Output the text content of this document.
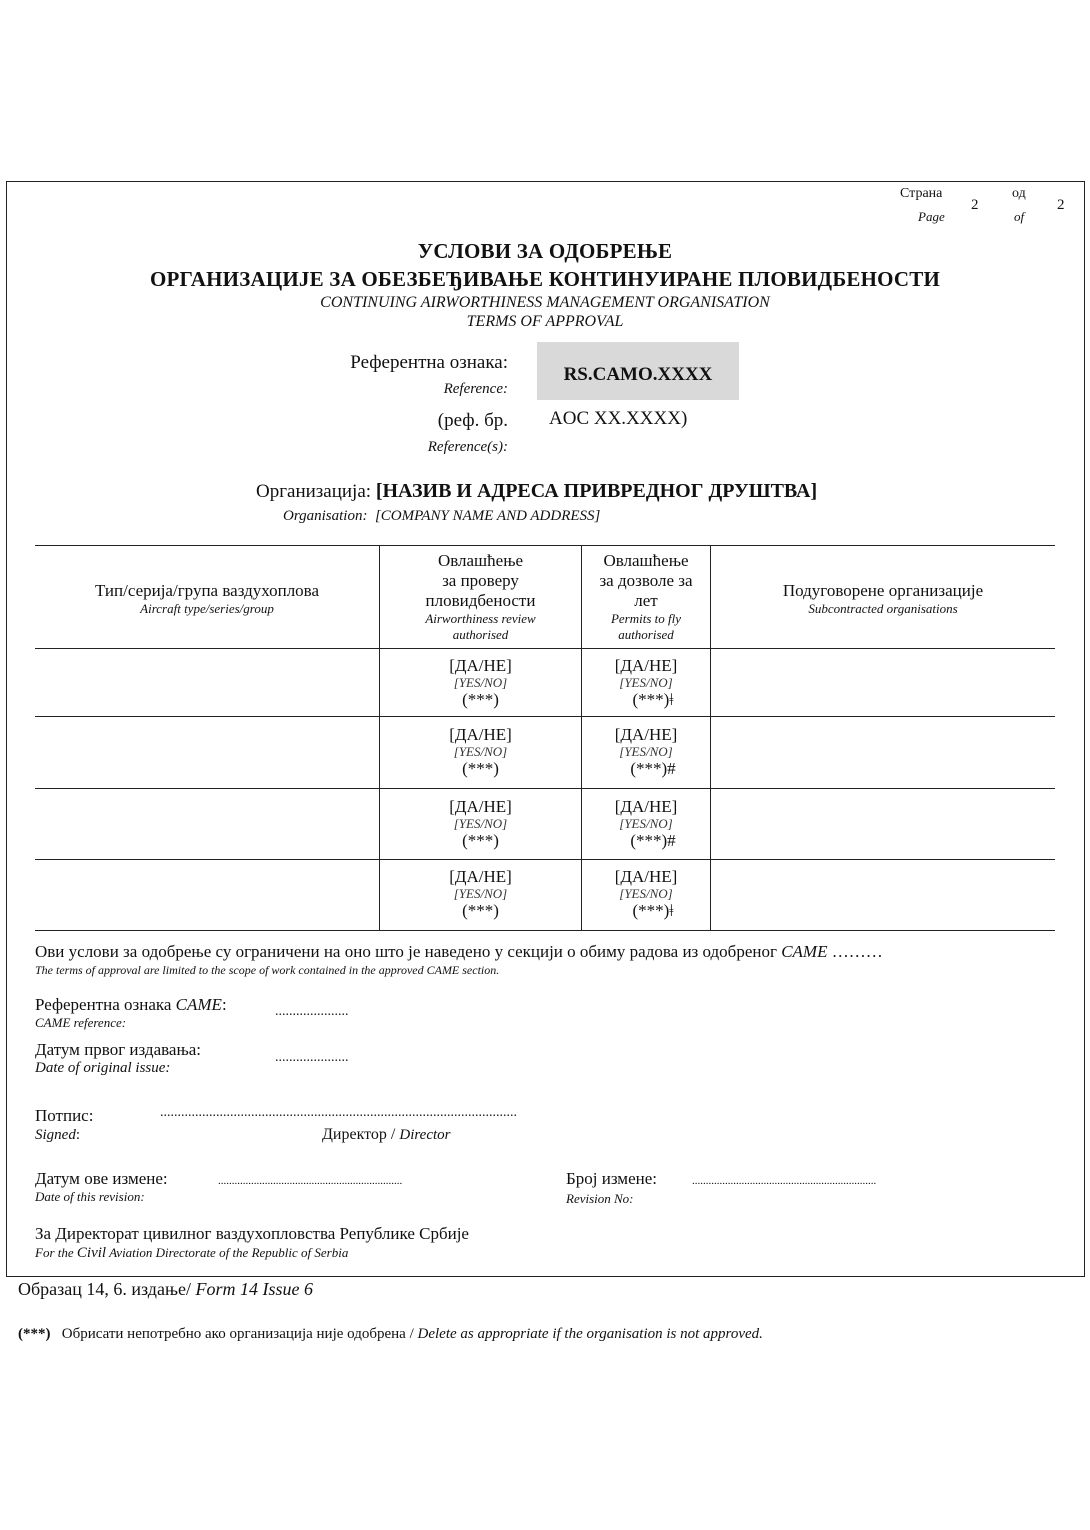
Страна
Page
2
од
of
2
УСЛОВИ ЗА ОДОБРЕЊЕ
ОРГАНИЗАЦИЈЕ ЗА ОБЕЗБЕЂИВАЊЕ КОНТИНУИРАНЕ ПЛОВИДБЕНОСТИ
CONTINUING AIRWORTHINESS MANAGEMENT ORGANISATION
TERMS OF APPROVAL
Референтна ознака:
Reference:
RS.CAMO.XXXX
(реф. бр.
Reference(s):
AOC XX.XXXX)
Организација: [НАЗИВ И АДРЕСА ПРИВРЕДНОГ ДРУШТВА]
Organisation: [COMPANY NAME AND ADDRESS]
Тип/серија/група ваздухоплова
Aircraft type/series/group
Овлашћење
за проверу
пловидбености
Airworthiness review
authorised
Овлашћење
за дозволе за
лет
Permits to fly
authorised
Подуговорене организације
Subcontracted organisations
[ДА/НЕ]
[YES/NO]
(***)
[ДА/НЕ]
[YES/NO]
(***)ǂ
[ДА/НЕ]
[YES/NO]
(***)
[ДА/НЕ]
[YES/NO]
(***)#
[ДА/НЕ]
[YES/NO]
(***)
[ДА/НЕ]
[YES/NO]
(***)#
[ДА/НЕ]
[YES/NO]
(***)
[ДА/НЕ]
[YES/NO]
(***)ǂ
Ови услови за одобрење су ограничени на оно што је наведено у секцији о обиму радова из одобреног CAME ………
The terms of approval are limited to the scope of work contained in the approved CAME section.
Референтна ознака CAME:
CAME reference:
.....................
Датум првог издавања:
Date of original issue:
.....................
Потпис:
Signed:
......................................................................................................
Директор / Director
Датум ове измене:
Date of this revision:
...................................................................	Број измене:
Revision No:
...................................................................
За Директорат цивилног ваздухопловства Републике Србије
For the Civil Aviation Directorate of the Republic of Serbia
Образац 14, 6. издање/ Form 14 Issue 6
(***) Обрисати непотребно ако организација није одобрена / Delete as appropriate if the organisation is not approved.
